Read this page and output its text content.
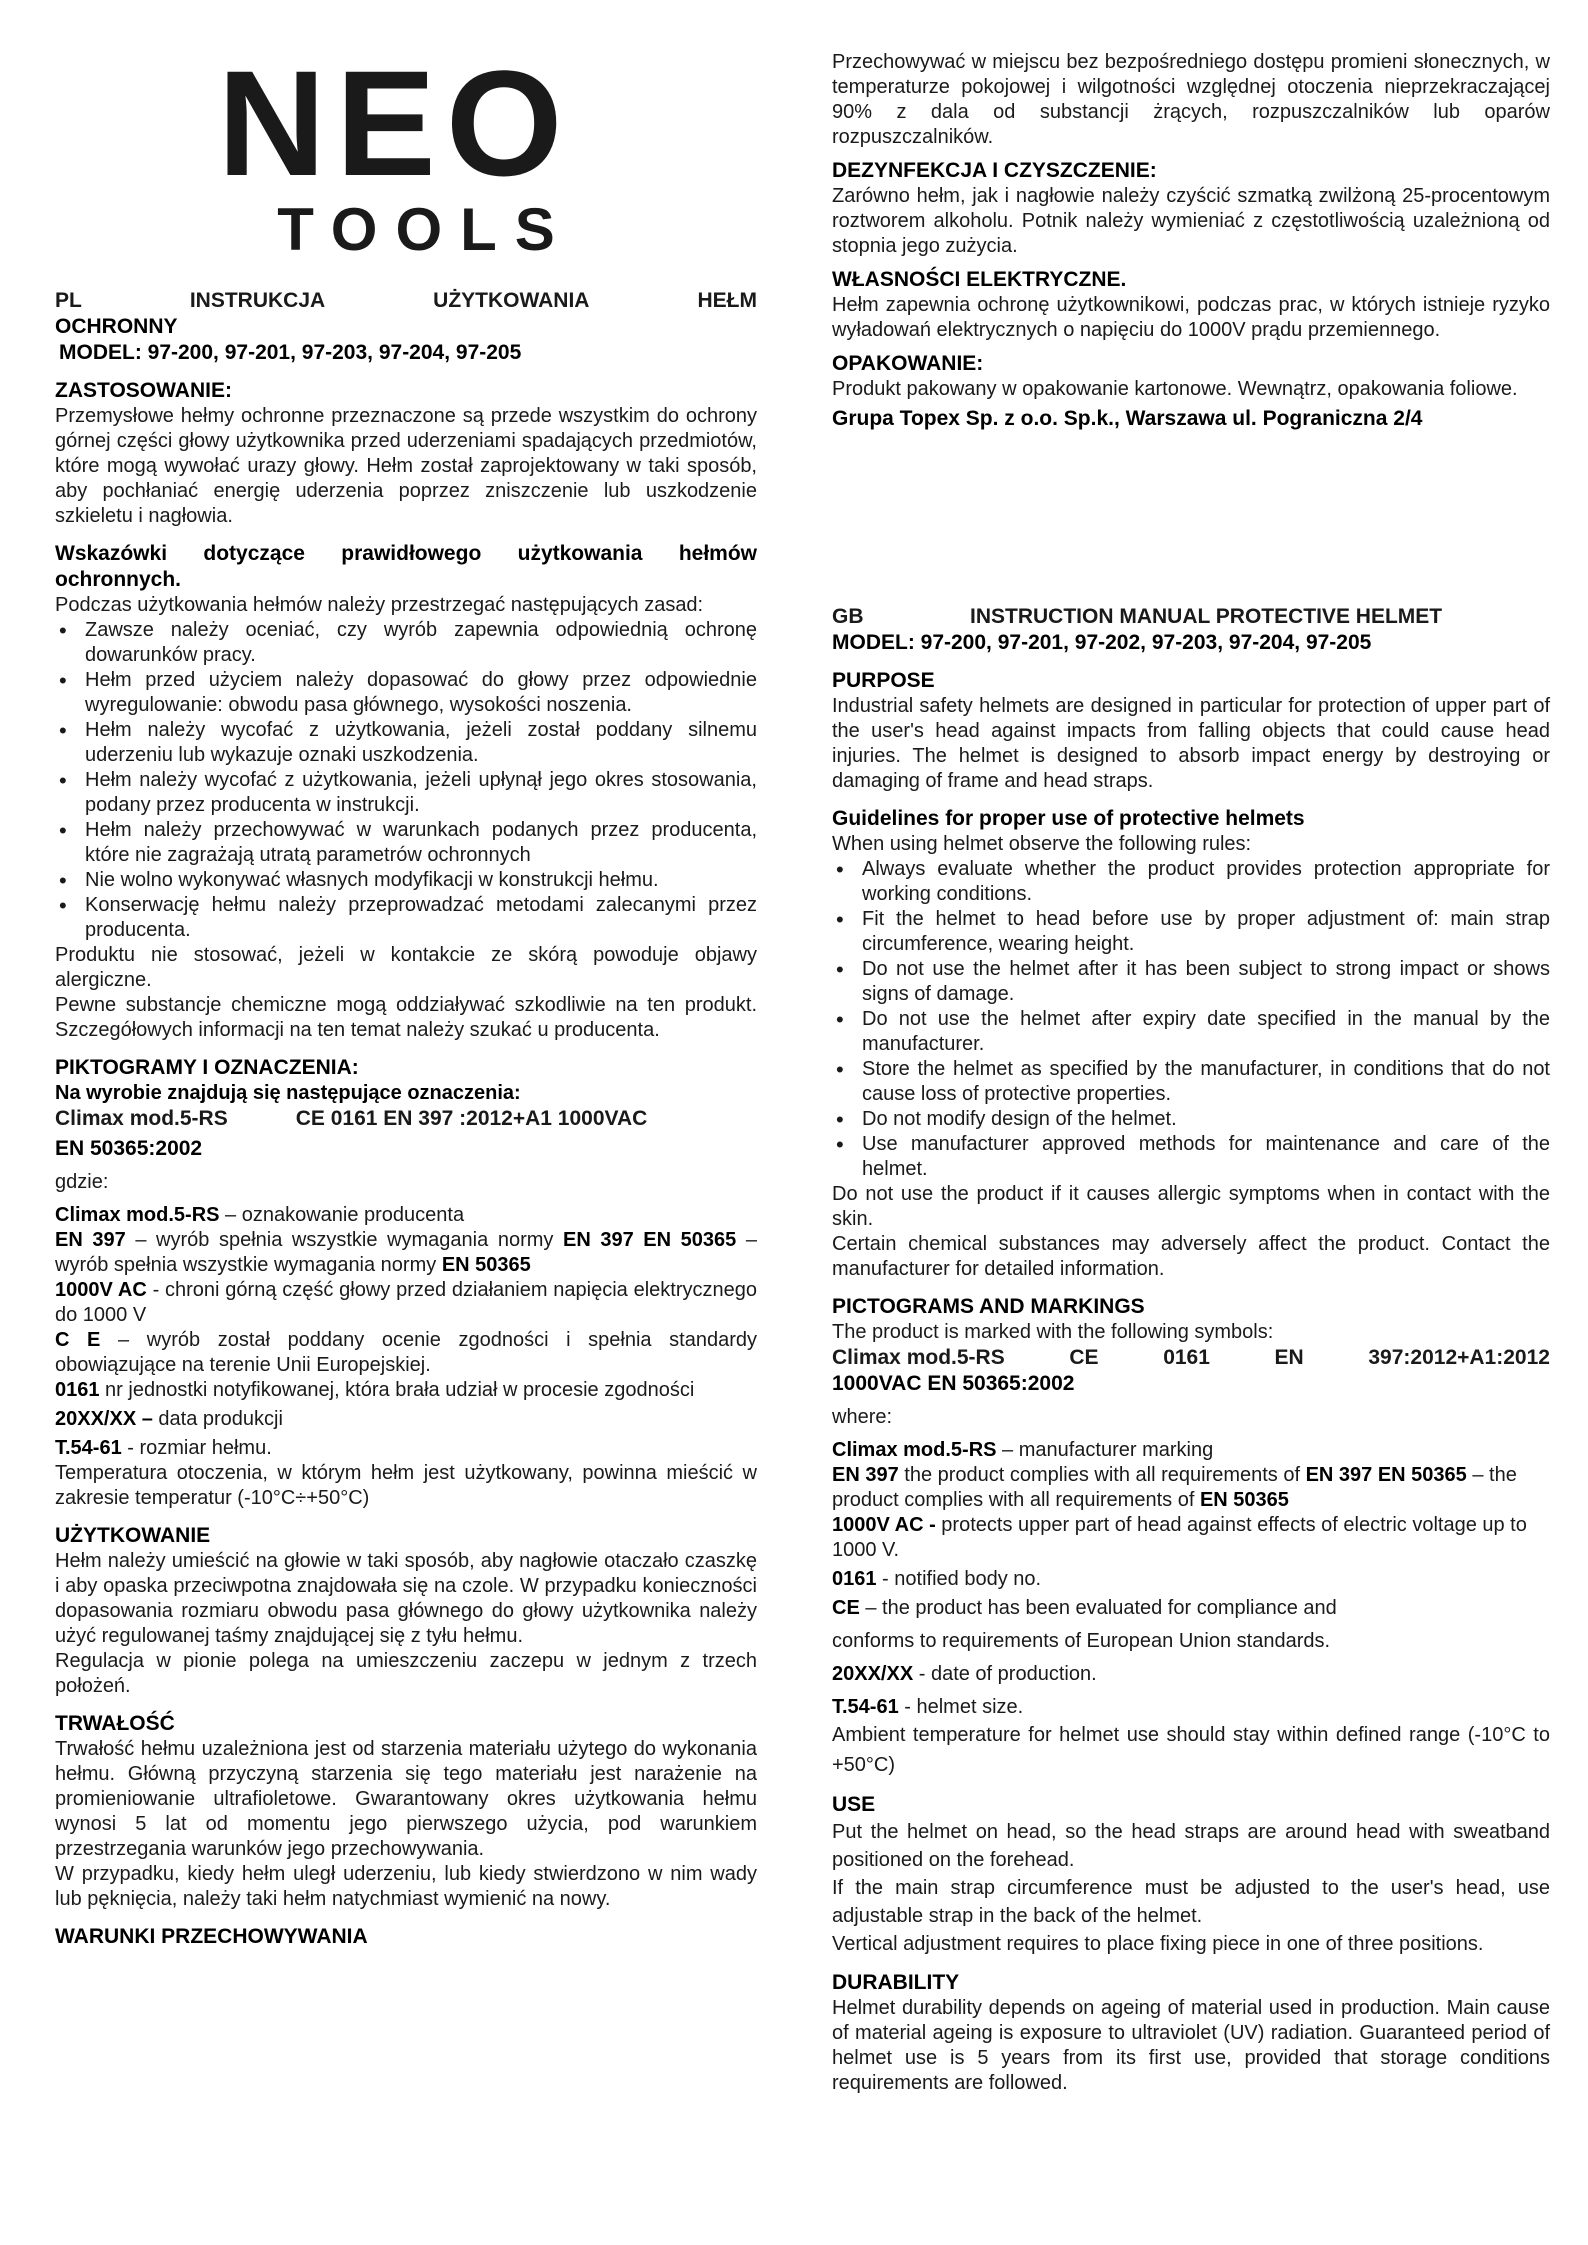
NEO
TOOLS
PL	INSTRUKCJA	UŻYTKOWANIA	HEŁM
OCHRONNY
MODEL: 97-200, 97-201, 97-203, 97-204, 97-205
ZASTOSOWANIE:

Przemysłowe hełmy ochronne przeznaczone są przede wszystkim do ochrony górnej części głowy użytkownika przed uderzeniami spadających przedmiotów, które mogą wywołać urazy głowy. Hełm został zaprojektowany w taki sposób, aby pochłaniać energię uderzenia poprzez zniszczenie lub uszkodzenie szkieletu i nagłowia.

Wskazówki dotyczące prawidłowego użytkowania hełmów ochronnych.

Podczas użytkowania hełmów należy przestrzegać następujących zasad:

• Zawsze należy oceniać, czy wyrób zapewnia odpowiednią ochronę dowarunków pracy.
• Hełm przed użyciem należy dopasować do głowy przez odpowiednie wyregulowanie: obwodu pasa głównego, wysokości noszenia.
• Hełm należy wycofać z użytkowania, jeżeli został poddany silnemu uderzeniu lub wykazuje oznaki uszkodzenia.
• Hełm należy wycofać z użytkowania, jeżeli upłynął jego okres stosowania, podany przez producenta w instrukcji.
• Hełm należy przechowywać w warunkach podanych przez producenta, które nie zagrażają utratą parametrów ochronnych
• Nie wolno wykonywać własnych modyfikacji w konstrukcji hełmu.
• Konserwację hełmu należy przeprowadzać metodami zalecanymi przez producenta.

Produktu nie stosować, jeżeli w kontakcie ze skórą powoduje objawy alergiczne.

Pewne substancje chemiczne mogą oddziaływać szkodliwie na ten produkt. Szczegółowych informacji na ten temat należy szukać u producenta.

PIKTOGRAMY I OZNACZENIA:

Na wyrobie znajdują się następujące oznaczenia:

Climax mod.5-RS	CE 0161 EN 397 :2012+A1 1000VAC
EN 50365:2002

gdzie:

Climax mod.5-RS – oznakowanie producenta

EN 397 – wyrób spełnia wszystkie wymagania normy EN 397 EN 50365 – wyrób spełnia wszystkie wymagania normy EN 50365

1000V AC - chroni górną część głowy przed działaniem napięcia elektrycznego do 1000 V

C E – wyrób został poddany ocenie zgodności i spełnia standardy obowiązujące na terenie Unii Europejskiej.

0161 nr jednostki notyfikowanej, która brała udział w procesie zgodności

20XX/XX – data produkcji

T.54-61 - rozmiar hełmu.

Temperatura otoczenia, w którym hełm jest użytkowany, powinna mieścić w zakresie temperatur (-10°C÷+50°C)

UŻYTKOWANIE

Hełm należy umieścić na głowie w taki sposób, aby nagłowie otaczało czaszkę i aby opaska przeciwpotna znajdowała się na czole. W przypadku konieczności dopasowania rozmiaru obwodu pasa głównego do głowy użytkownika należy użyć regulowanej taśmy znajdującej się z tyłu hełmu.

Regulacja w pionie polega na umieszczeniu zaczepu w jednym z trzech położeń.

TRWAŁOŚĆ

Trwałość hełmu uzależniona jest od starzenia materiału użytego do wykonania hełmu. Główną przyczyną starzenia się tego materiału jest narażenie na promieniowanie ultrafioletowe. Gwarantowany okres użytkowania hełmu wynosi 5 lat od momentu jego pierwszego użycia, pod warunkiem przestrzegania warunków jego przechowywania.

W przypadku, kiedy hełm uległ uderzeniu, lub kiedy stwierdzono w nim wady lub pęknięcia, należy taki hełm natychmiast wymienić na nowy.

WARUNKI PRZECHOWYWANIA

Przechowywać w miejscu bez bezpośredniego dostępu promieni słonecznych, w temperaturze pokojowej i wilgotności względnej otoczenia nieprzekraczającej 90% z dala od substancji żrących, rozpuszczalników lub oparów rozpuszczalników.

DEZYNFEKCJA I CZYSZCZENIE:

Zarówno hełm, jak i nagłowie należy czyścić szmatką zwilżoną 25-procentowym roztworem alkoholu. Potnik należy wymieniać z częstotliwością uzależnioną od stopnia jego zużycia.

WŁASNOŚCI ELEKTRYCZNE.

Hełm zapewnia ochronę użytkownikowi, podczas prac, w których istnieje ryzyko wyładowań elektrycznych o napięciu do 1000V prądu przemiennego.

OPAKOWANIE:

Produkt pakowany w opakowanie kartonowe. Wewnątrz, opakowania foliowe.

Grupa Topex Sp. z o.o. Sp.k., Warszawa ul. Pograniczna 2/4
GB	INSTRUCTION MANUAL PROTECTIVE HELMET
MODEL: 97-200, 97-201, 97-202, 97-203, 97-204, 97-205
PURPOSE

Industrial safety helmets are designed in particular for protection of upper part of the user's head against impacts from falling objects that could cause head injuries. The helmet is designed to absorb impact energy by destroying or damaging of frame and head straps.

Guidelines for proper use of protective helmets

When using helmet observe the following rules:

• Always evaluate whether the product provides protection appropriate for working conditions.
• Fit the helmet to head before use by proper adjustment of: main strap circumference, wearing height.
• Do not use the helmet after it has been subject to strong impact or shows signs of damage.
• Do not use the helmet after expiry date specified in the manual by the manufacturer.
• Store the helmet as specified by the manufacturer, in conditions that do not cause loss of protective properties.
• Do not modify design of the helmet.
• Use manufacturer approved methods for maintenance and care of the helmet.

Do not use the product if it causes allergic symptoms when in contact with the skin.

Certain chemical substances may adversely affect the product. Contact the manufacturer for detailed information.

PICTOGRAMS AND MARKINGS

The product is marked with the following symbols:

Climax mod.5-RS	CE	0161	EN	397:2012+A1:2012
1000VAC EN 50365:2002

where:

Climax mod.5-RS – manufacturer marking

EN 397 the product complies with all requirements of EN 397 EN 50365 – the product complies with all requirements of EN 50365

1000V AC - protects upper part of head against effects of electric voltage up to 1000 V.

0161 - notified body no.

CE – the product has been evaluated for compliance and

conforms to requirements of European Union standards.

20XX/XX - date of production.

T.54-61 - helmet size.

Ambient temperature for helmet use should stay within defined range (-10°C to +50°C)

USE

Put the helmet on head, so the head straps are around head with sweatband positioned on the forehead.

If the main strap circumference must be adjusted to the user's head, use adjustable strap in the back of the helmet.

Vertical adjustment requires to place fixing piece in one of three positions.

DURABILITY

Helmet durability depends on ageing of material used in production. Main cause of material ageing is exposure to ultraviolet (UV) radiation. Guaranteed period of helmet use is 5 years from its first use, provided that storage conditions requirements are followed.
